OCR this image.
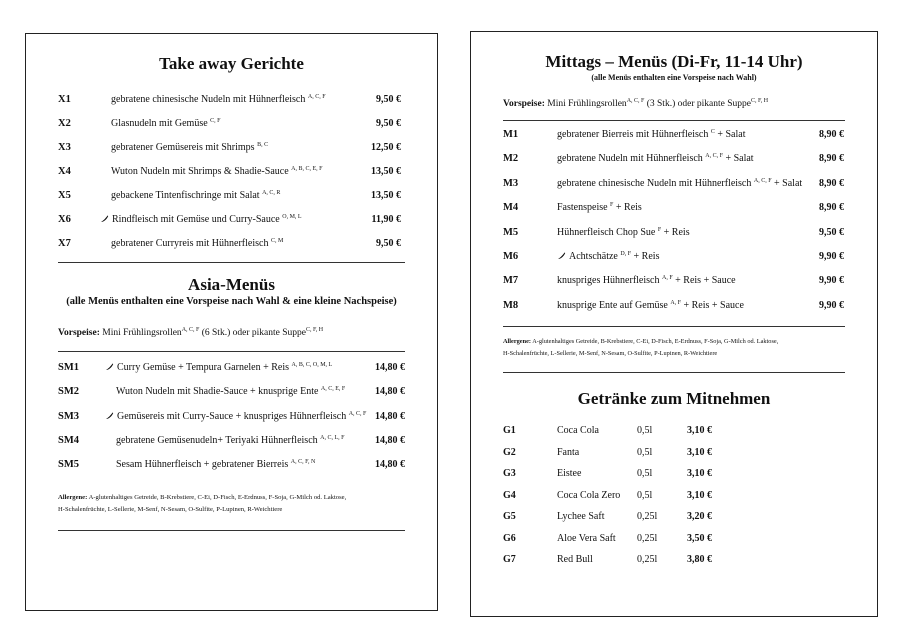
Take away Gerichte
X1	gebratene chinesische Nudeln mit Hühnerfleisch $^{A, C, F}$	9,50 €
X2	Glasnudeln mit Gemüse $^{C, F}$	9,50 €
X3	gebratener Gemüsereis mit Shrimps $^{B, C}$	12,50 €
X4	Wuton Nudeln mit Shrimps & Shadie-Sauce $^{A, B, C, E, F}$	13,50 €
X5	gebackene Tintenfischringe mit Salat $^{A, C, R}$	13,50 €
X6	Rindfleisch mit Gemüse und Curry-Sauce $^{O, M, L}$	11,90 €
X7	gebratener Curryreis mit Hühnerfleisch $^{C, M}$	9,50 €
Asia-Menüs
(alle Menüs enthalten eine Vorspeise nach Wahl & eine kleine Nachspeise)
Vorspeise: Mini Frühlingsrollen$^{A, C, F}$ (6 Stk.) oder pikante Suppe$^{C, F, H}$
SM1	Curry Gemüse + Tempura Garnelen + Reis $^{A, B, C, O, M, L}$	14,80 €
SM2	Wuton Nudeln mit Shadie-Sauce + knusprige Ente $^{A, C, E, F}$	14,80 €
SM3	Gemüsereis mit Curry-Sauce + knuspriges Hühnerfleisch $^{A, C, F}$ 14,80 €
SM4	gebratene Gemüsenudeln+ Teriyaki Hühnerfleisch $^{A, C, L, F}$	14,80 €
SM5	Sesam Hühnerfleisch + gebratener Bierreis $^{A, C, F, N}$	14,80 €
Allergene: A-glutenhaltiges Getreide, B-Krebstiere, C-Ei, D-Fisch, E-Erdnuss, F-Soja, G-Milch od. Laktose,
H-Schalenfrüchte, L-Sellerie, M-Senf, N-Sesam, O-Sulfite, P-Lupinen, R-Weichtiere
Mittags – Menüs (Di-Fr, 11-14 Uhr)
(alle Menüs enthalten eine Vorspeise nach Wahl)
Vorspeise: Mini Frühlingsrollen$^{A, C, F}$ (3 Stk.) oder pikante Suppe$^{C, F, H}$
M1	gebratener Bierreis mit Hühnerfleisch $^C$ + Salat	8,90 €
M2	gebratene Nudeln mit Hühnerfleisch $^{A, C, F}$ + Salat	8,90 €
M3	gebratene chinesische Nudeln mit Hühnerfleisch $^{A, C, F}$ + Salat 8,90 €
M4	Fastenspeise $^F$ + Reis	8,90 €
M5	Hühnerfleisch Chop Sue $^F$ + Reis	9,50 €
M6	Achtschätze $^{D, F}$ + Reis	9,90 €
M7	knuspriges Hühnerfleisch $^{A, F}$ + Reis + Sauce	9,90 €
M8	knusprige Ente auf Gemüse $^{A, F}$ + Reis + Sauce	9,90 €
Allergene: A-glutenhaltiges Getreide, B-Krebstiere, C-Ei, D-Fisch, E-Erdnuss, F-Soja, G-Milch od. Laktose,
H-Schalenfrüchte, L-Sellerie, M-Senf, N-Sesam, O-Sulfite, P-Lupinen, R-Weichtiere
Getränke zum Mitnehmen
G1	Coca Cola	0,5l	3,10 €
G2	Fanta	0,5l	3,10 €
G3	Eistee	0,5l	3,10 €
G4	Coca Cola Zero 0,5l	3,10 €
G5	Lychee Saft	0,25l	3,20 €
G6	Aloe Vera Saft 0,25l	3,50 €
G7	Red Bull	0,25l	3,80 €
